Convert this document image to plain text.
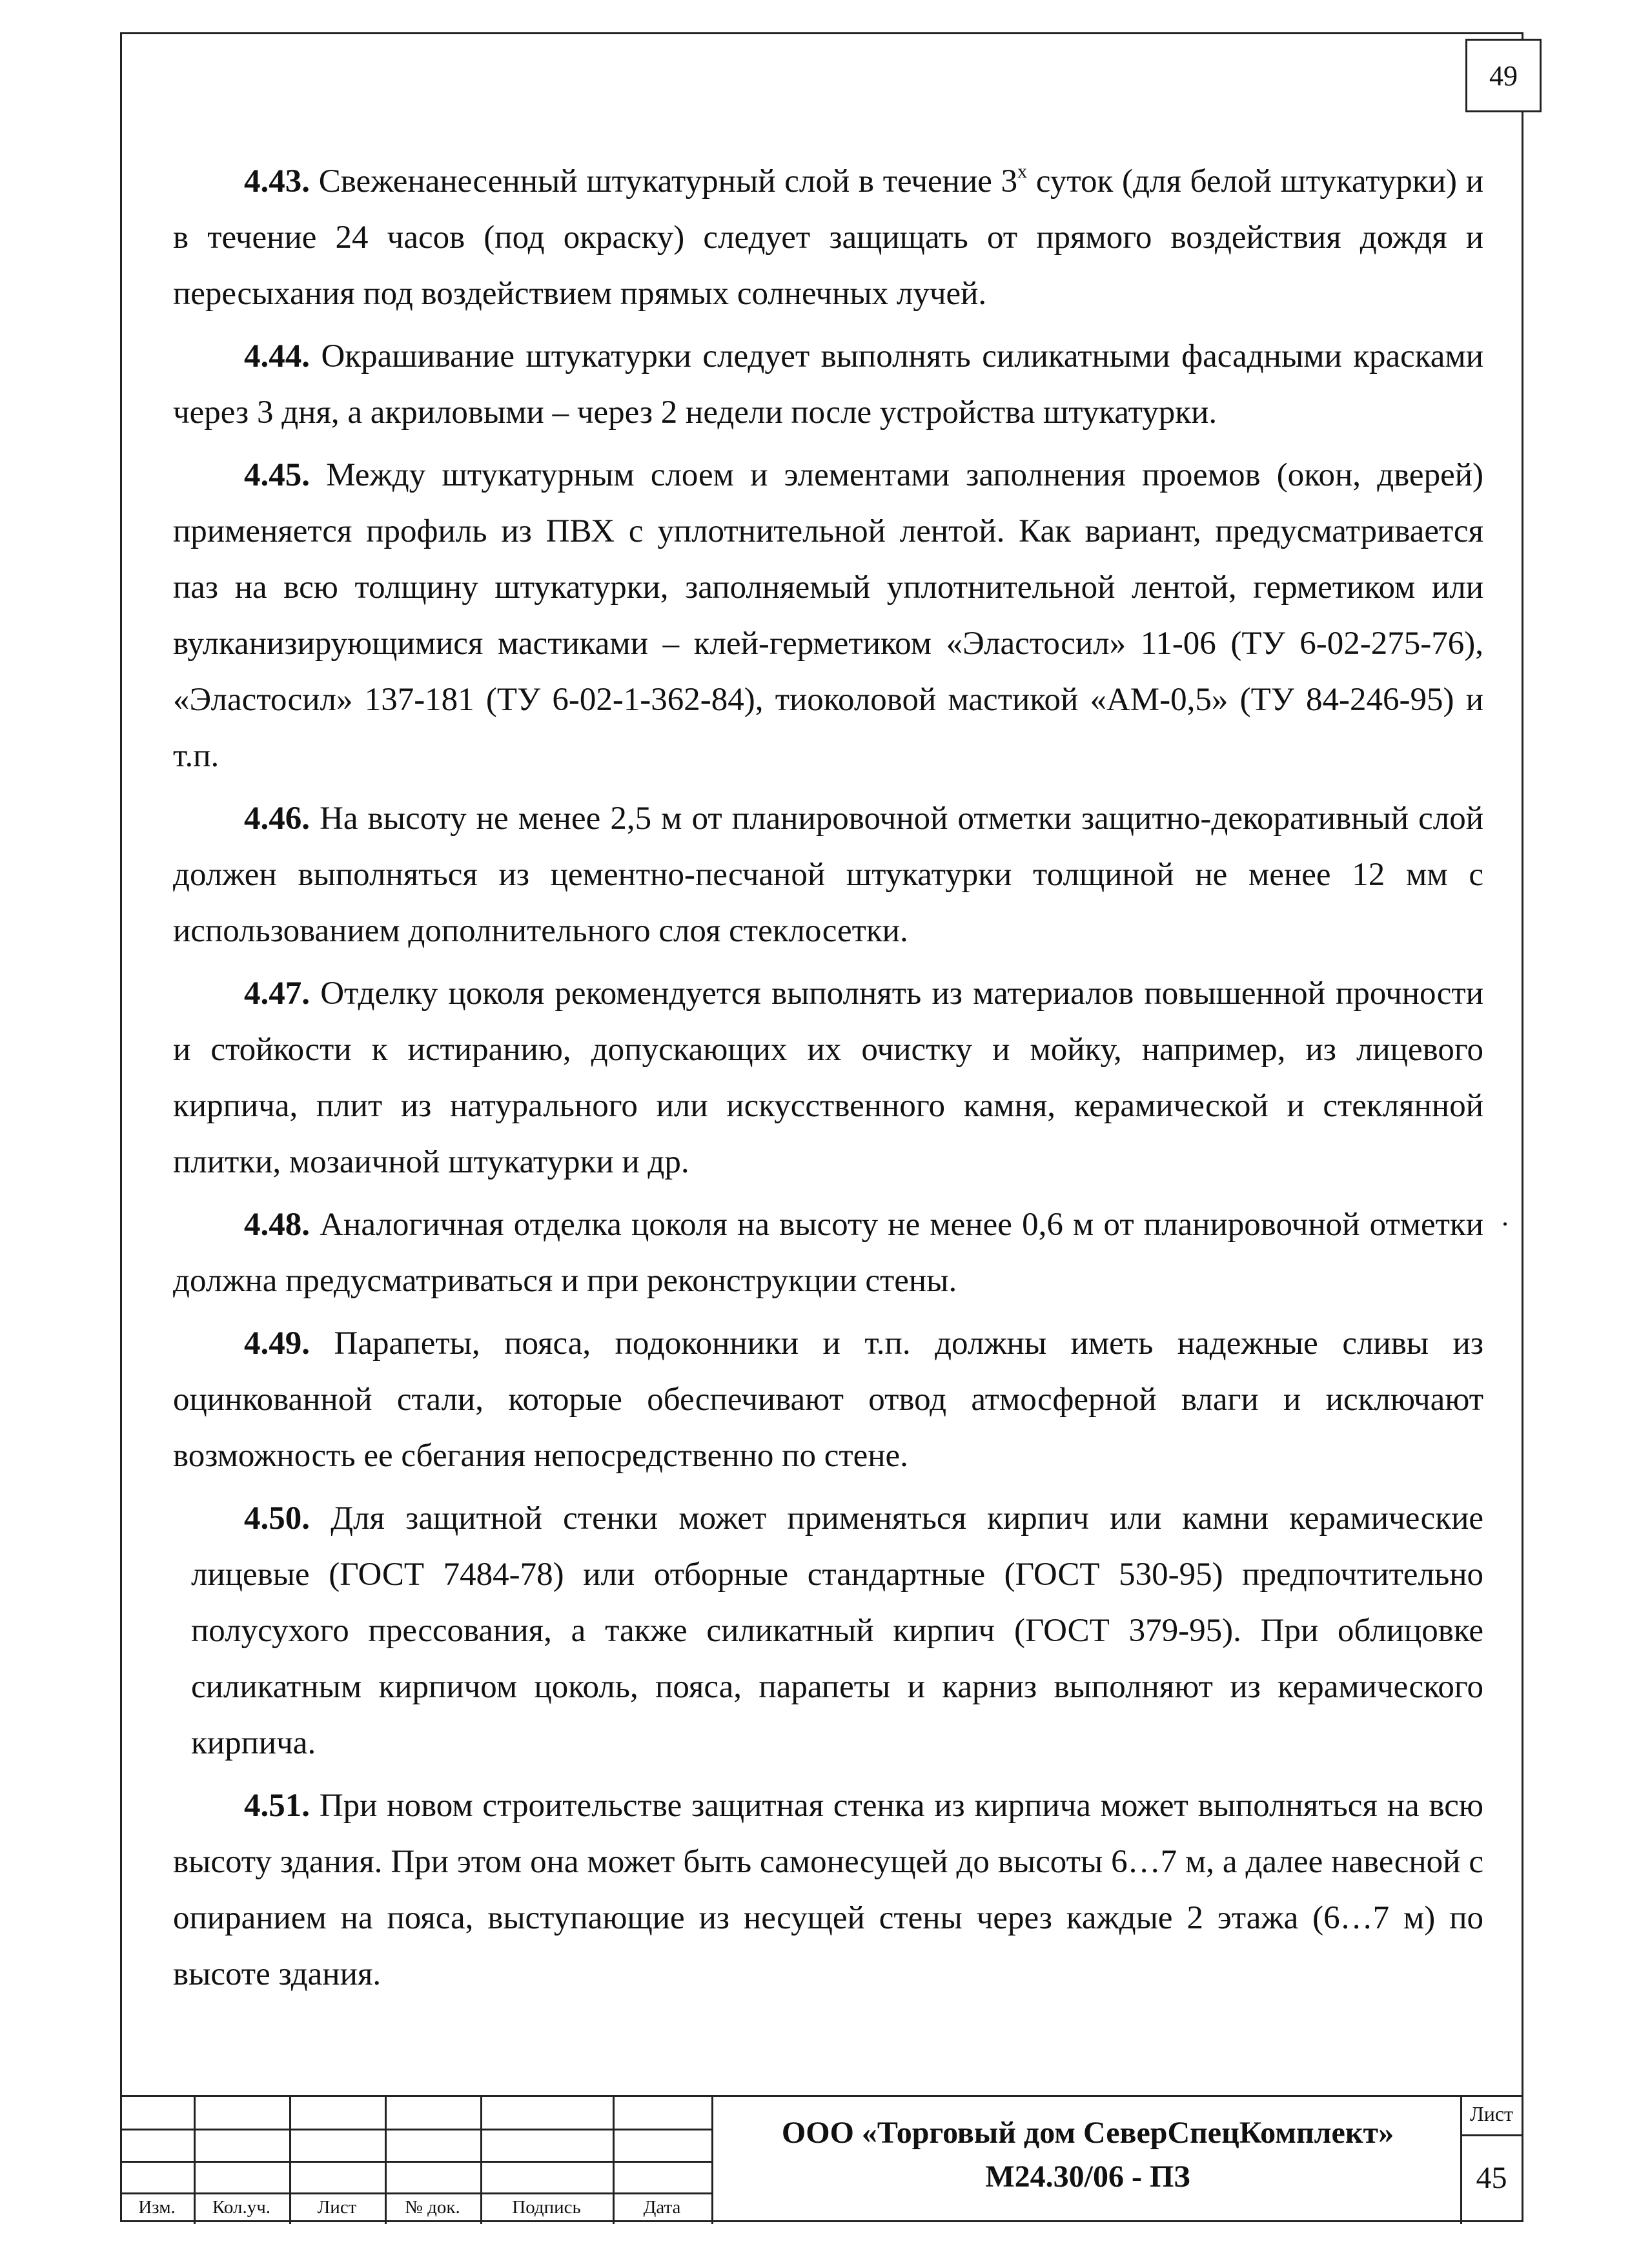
49

4.43. Свеженанесенный штукатурный слой в течение $3^х$ суток (для белой штукатурки) и в течение 24 часов (под окраску) следует защищать от прямого воздействия дождя и пересыхания под воздействием прямых солнечных лучей.

4.44. Окрашивание штукатурки следует выполнять силикатными фасадными красками через 3 дня, а акриловыми – через 2 недели после устройства штукатурки.

4.45. Между штукатурным слоем и элементами заполнения проемов (окон, дверей) применяется профиль из ПВХ с уплотнительной лентой. Как вариант, предусматривается паз на всю толщину штукатурки, заполняемый уплотнительной лентой, герметиком или вулканизирующимися мастиками – клей-герметиком «Эластосил» 11-06 (ТУ 6-02-275-76), «Эластосил» 137-181 (ТУ 6-02-1-362-84), тиоколовой мастикой «АМ-0,5» (ТУ 84-246-95) и т.п.

4.46. На высоту не менее 2,5 м от планировочной отметки защитно-декоративный слой должен выполняться из цементно-песчаной штукатурки толщиной не менее 12 мм с использованием дополнительного слоя стеклосетки.

4.47. Отделку цоколя рекомендуется выполнять из материалов повышенной прочности и стойкости к истиранию, допускающих их очистку и мойку, например, из лицевого кирпича, плит из натурального или искусственного камня, керамической и стеклянной плитки, мозаичной штукатурки и др.

4.48. Аналогичная отделка цоколя на высоту не менее 0,6 м от планировочной отметки должна предусматриваться и при реконструкции стены.

4.49. Парапеты, пояса, подоконники и т.п. должны иметь надежные сливы из оцинкованной стали, которые обеспечивают отвод атмосферной влаги и исключают возможность ее сбегания непосредственно по стене.

4.50. Для защитной стенки может применяться кирпич или камни керамические лицевые (ГОСТ 7484-78) или отборные стандартные (ГОСТ 530-95) предпочтительно полусухого прессования, а также силикатный кирпич (ГОСТ 379-95). При облицовке силикатным кирпичом цоколь, пояса, парапеты и карниз выполняют из керамического кирпича.

4.51. При новом строительстве защитная стенка из кирпича может выполняться на всю высоту здания. При этом она может быть самонесущей до высоты 6…7 м, а далее навесной с опиранием на пояса, выступающие из несущей стены через каждые 2 этажа (6…7 м) по высоте здания.

.
Изм.	Кол.уч.	Лист	№ док.	Подпись	Дата
ООО «Торговый дом СеверСпецКомплект»
М24.30/06 - ПЗ
Лист
45
